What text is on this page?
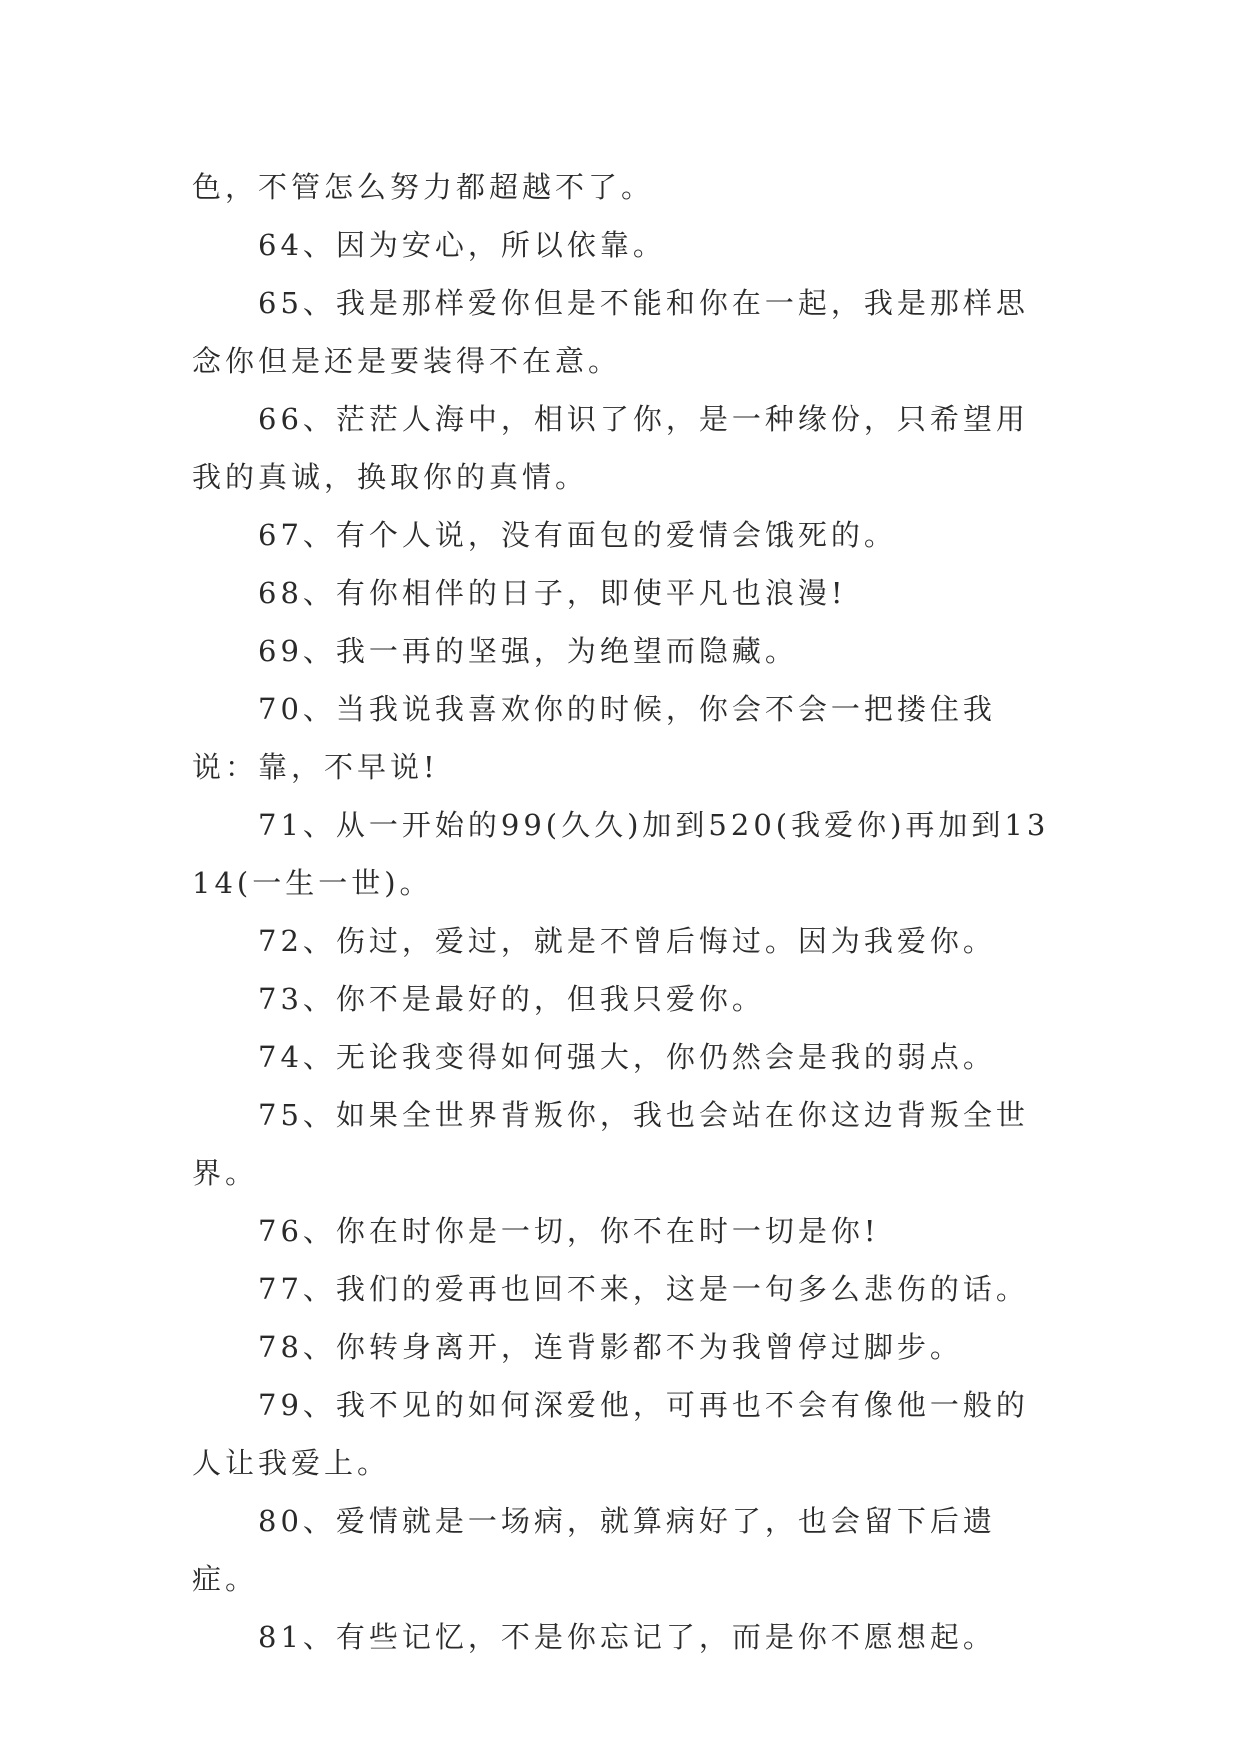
色，不管怎么努力都超越不了。

64、因为安心，所以依靠。

65、我是那样爱你但是不能和你在一起，我是那样思念你但是还是要装得不在意。

66、茫茫人海中，相识了你，是一种缘份，只希望用我的真诚，换取你的真情。

67、有个人说，没有面包的爱情会饿死的。

68、有你相伴的日子，即使平凡也浪漫!

69、我一再的坚强，为绝望而隐藏。

70、当我说我喜欢你的时候，你会不会一把搂住我说：靠，不早说!

71、从一开始的99(久久)加到520(我爱你)再加到1314(一生一世)。

72、伤过，爱过，就是不曾后悔过。因为我爱你。

73、你不是最好的，但我只爱你。

74、无论我变得如何强大，你仍然会是我的弱点。

75、如果全世界背叛你，我也会站在你这边背叛全世界。

76、你在时你是一切，你不在时一切是你!

77、我们的爱再也回不来，这是一句多么悲伤的话。

78、你转身离开，连背影都不为我曾停过脚步。

79、我不见的如何深爱他，可再也不会有像他一般的人让我爱上。

80、爱情就是一场病，就算病好了，也会留下后遗症。

81、有些记忆，不是你忘记了，而是你不愿想起。
